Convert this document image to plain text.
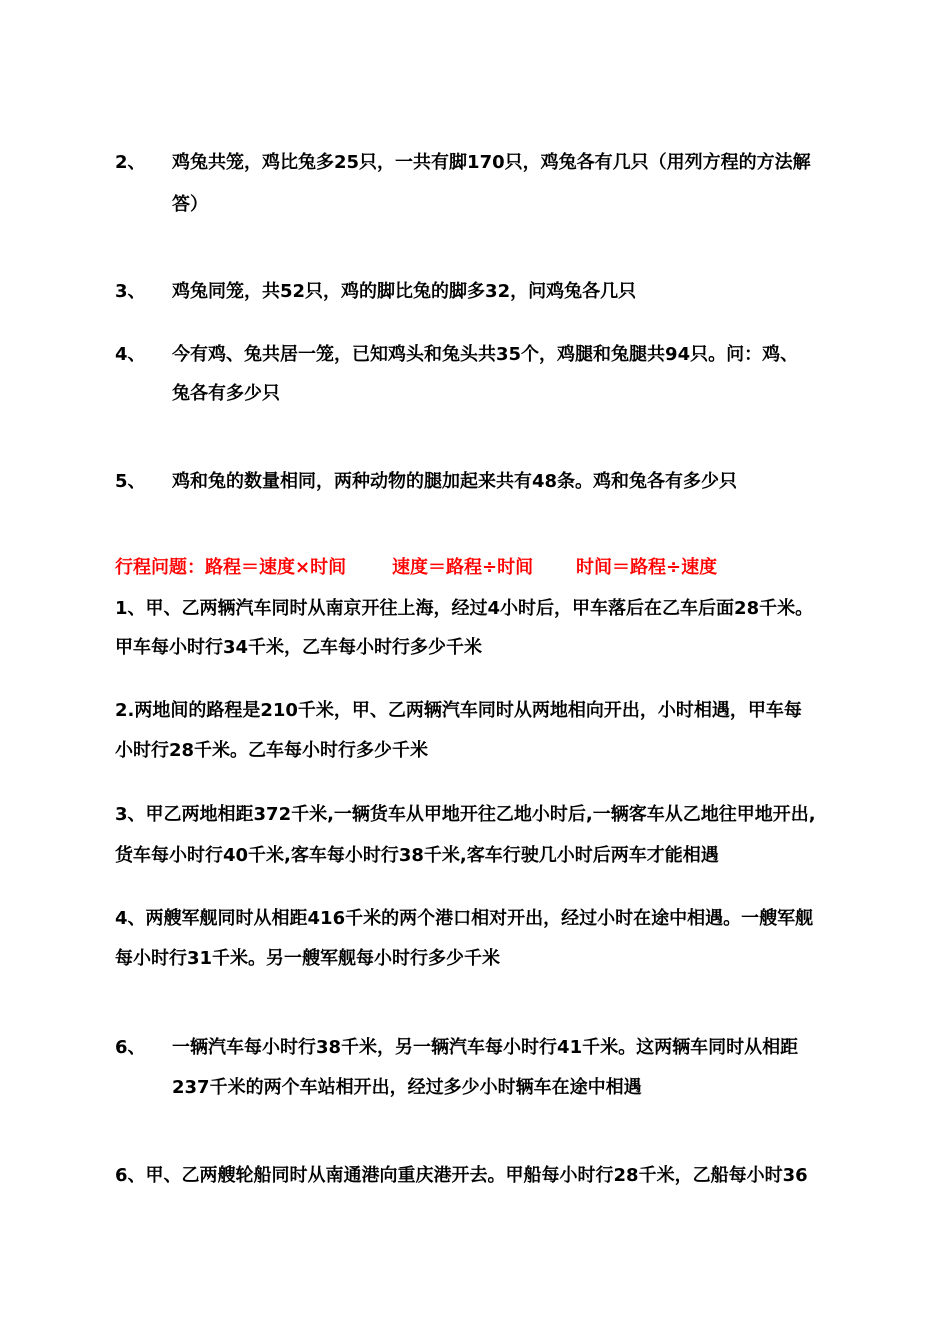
2、 鸡兔共笼，鸡比兔多25只，一共有脚170只，鸡兔各有几只（用列方程的方法解
答）
3、 鸡兔同笼，共52只，鸡的脚比兔的脚多32，问鸡兔各几只
4、 今有鸡、兔共居一笼，已知鸡头和兔头共35个，鸡腿和兔腿共94只。问：鸡、
兔各有多少只
5、 鸡和兔的数量相同，两种动物的腿加起来共有48条。鸡和兔各有多少只
行程问题：路程＝速度×时间	速度＝路程÷时间 时间＝路程÷速度
1、甲、乙两辆汽车同时从南京开往上海，经过4小时后，甲车落后在乙车后面28千米。
甲车每小时行34千米，乙车每小时行多少千米
2.两地间的路程是210千米，甲、乙两辆汽车同时从两地相向开出，小时相遇，甲车每
小时行28千米。乙车每小时行多少千米
3、甲乙两地相距372千米,一辆货车从甲地开往乙地小时后,一辆客车从乙地往甲地开出,
货车每小时行40千米,客车每小时行38千米,客车行驶几小时后两车才能相遇
4、两艘军舰同时从相距416千米的两个港口相对开出，经过小时在途中相遇。一艘军舰
每小时行31千米。另一艘军舰每小时行多少千米
6、 一辆汽车每小时行38千米，另一辆汽车每小时行41千米。这两辆车同时从相距
237千米的两个车站相开出，经过多少小时辆车在途中相遇
6、甲、乙两艘轮船同时从南通港向重庆港开去。甲船每小时行28千米，乙船每小时36
